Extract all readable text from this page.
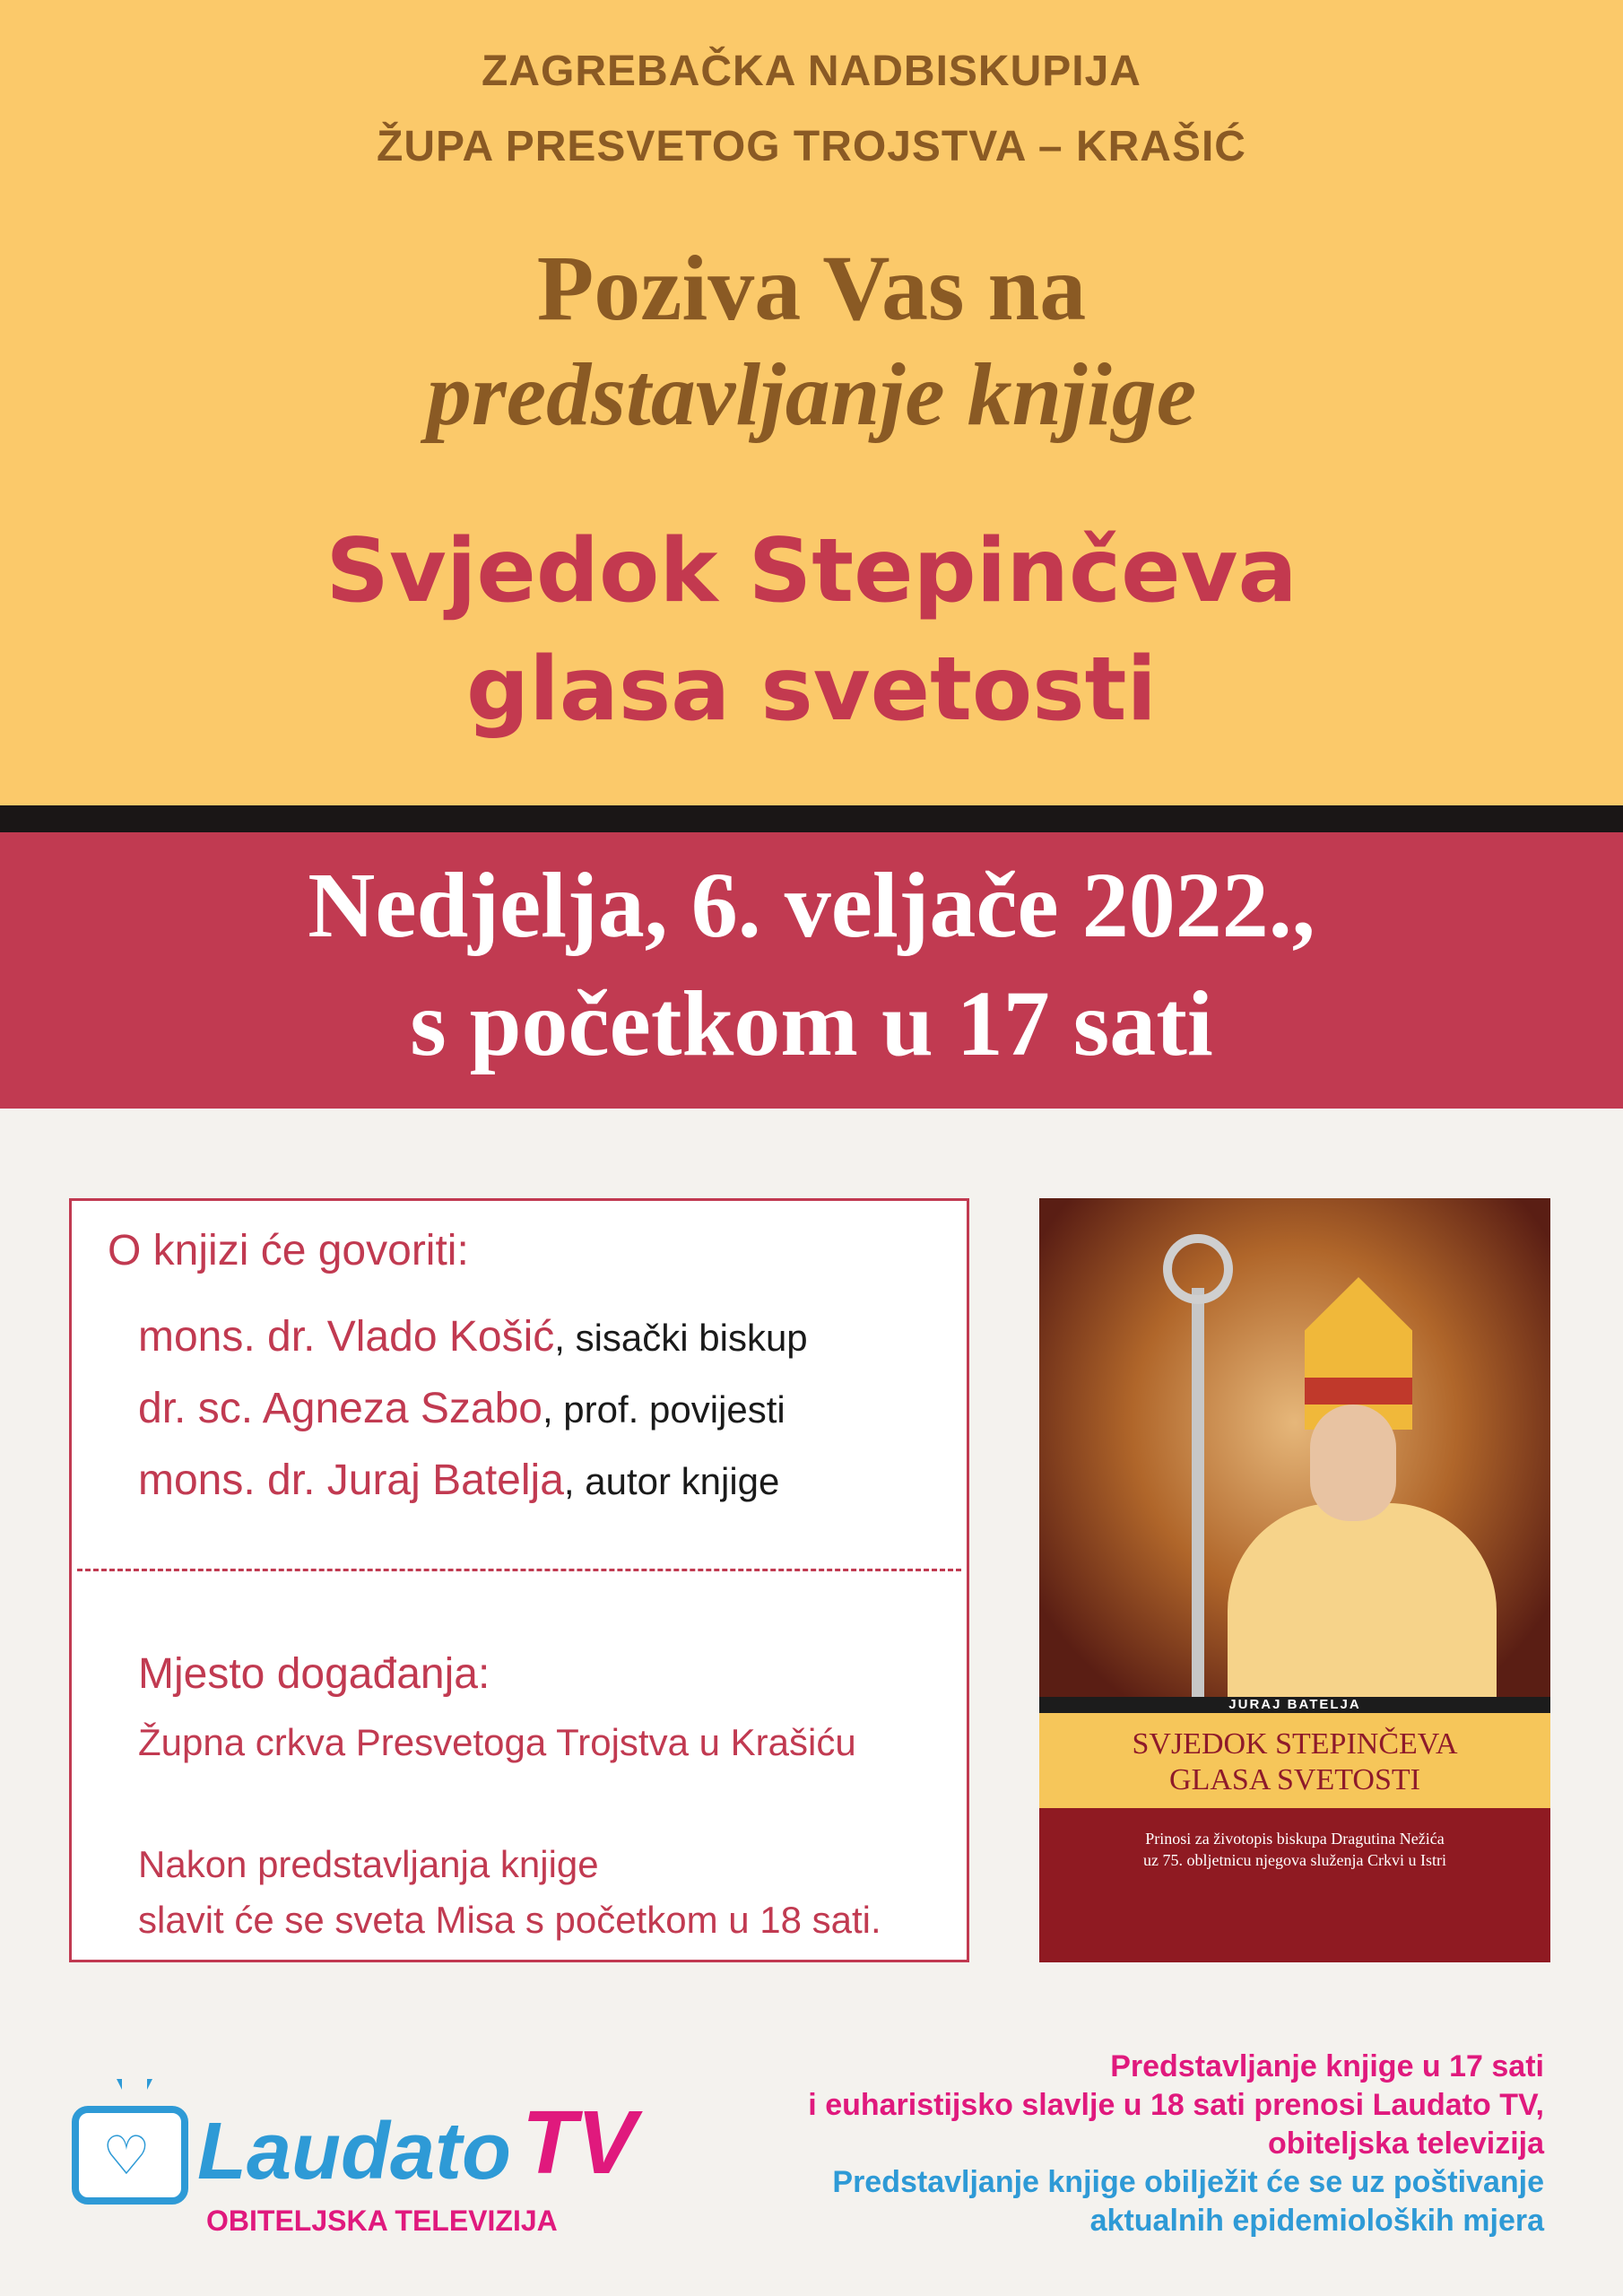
ZAGREBAČKA NADBISKUPIJA
ŽUPA PRESVETOG TROJSTVA – KRAŠIĆ
Poziva Vas na
predstavljanje knjige
Svjedok Stepinčeva
glasa svetosti
Nedjelja, 6. veljače 2022.,
s početkom u 17 sati
O knjizi će govoriti:
mons. dr. Vlado Košić, sisački biskup
dr. sc. Agneza Szabo, prof. povijesti
mons. dr. Juraj Batelja, autor knjige
Mjesto događanja:
Župna crkva Presvetoga Trojstva u Krašiću
Nakon predstavljanja knjige
slavit će se sveta Misa s početkom u 18 sati.
JURAJ BATELJA
SVJEDOK STEPINČEVA
GLASA SVETOSTI
Prinosi za životopis biskupa Dragutina Nežića
uz 75. obljetnicu njegova služenja Crkvi u Istri
♡ Laudato TV
OBITELJSKA TELEVIZIJA
Predstavljanje knjige u 17 sati
i euharistijsko slavlje u 18 sati prenosi Laudato TV,
obiteljska televizija
Predstavljanje knjige obilježit će se uz poštivanje
aktualnih epidemioloških mjera
